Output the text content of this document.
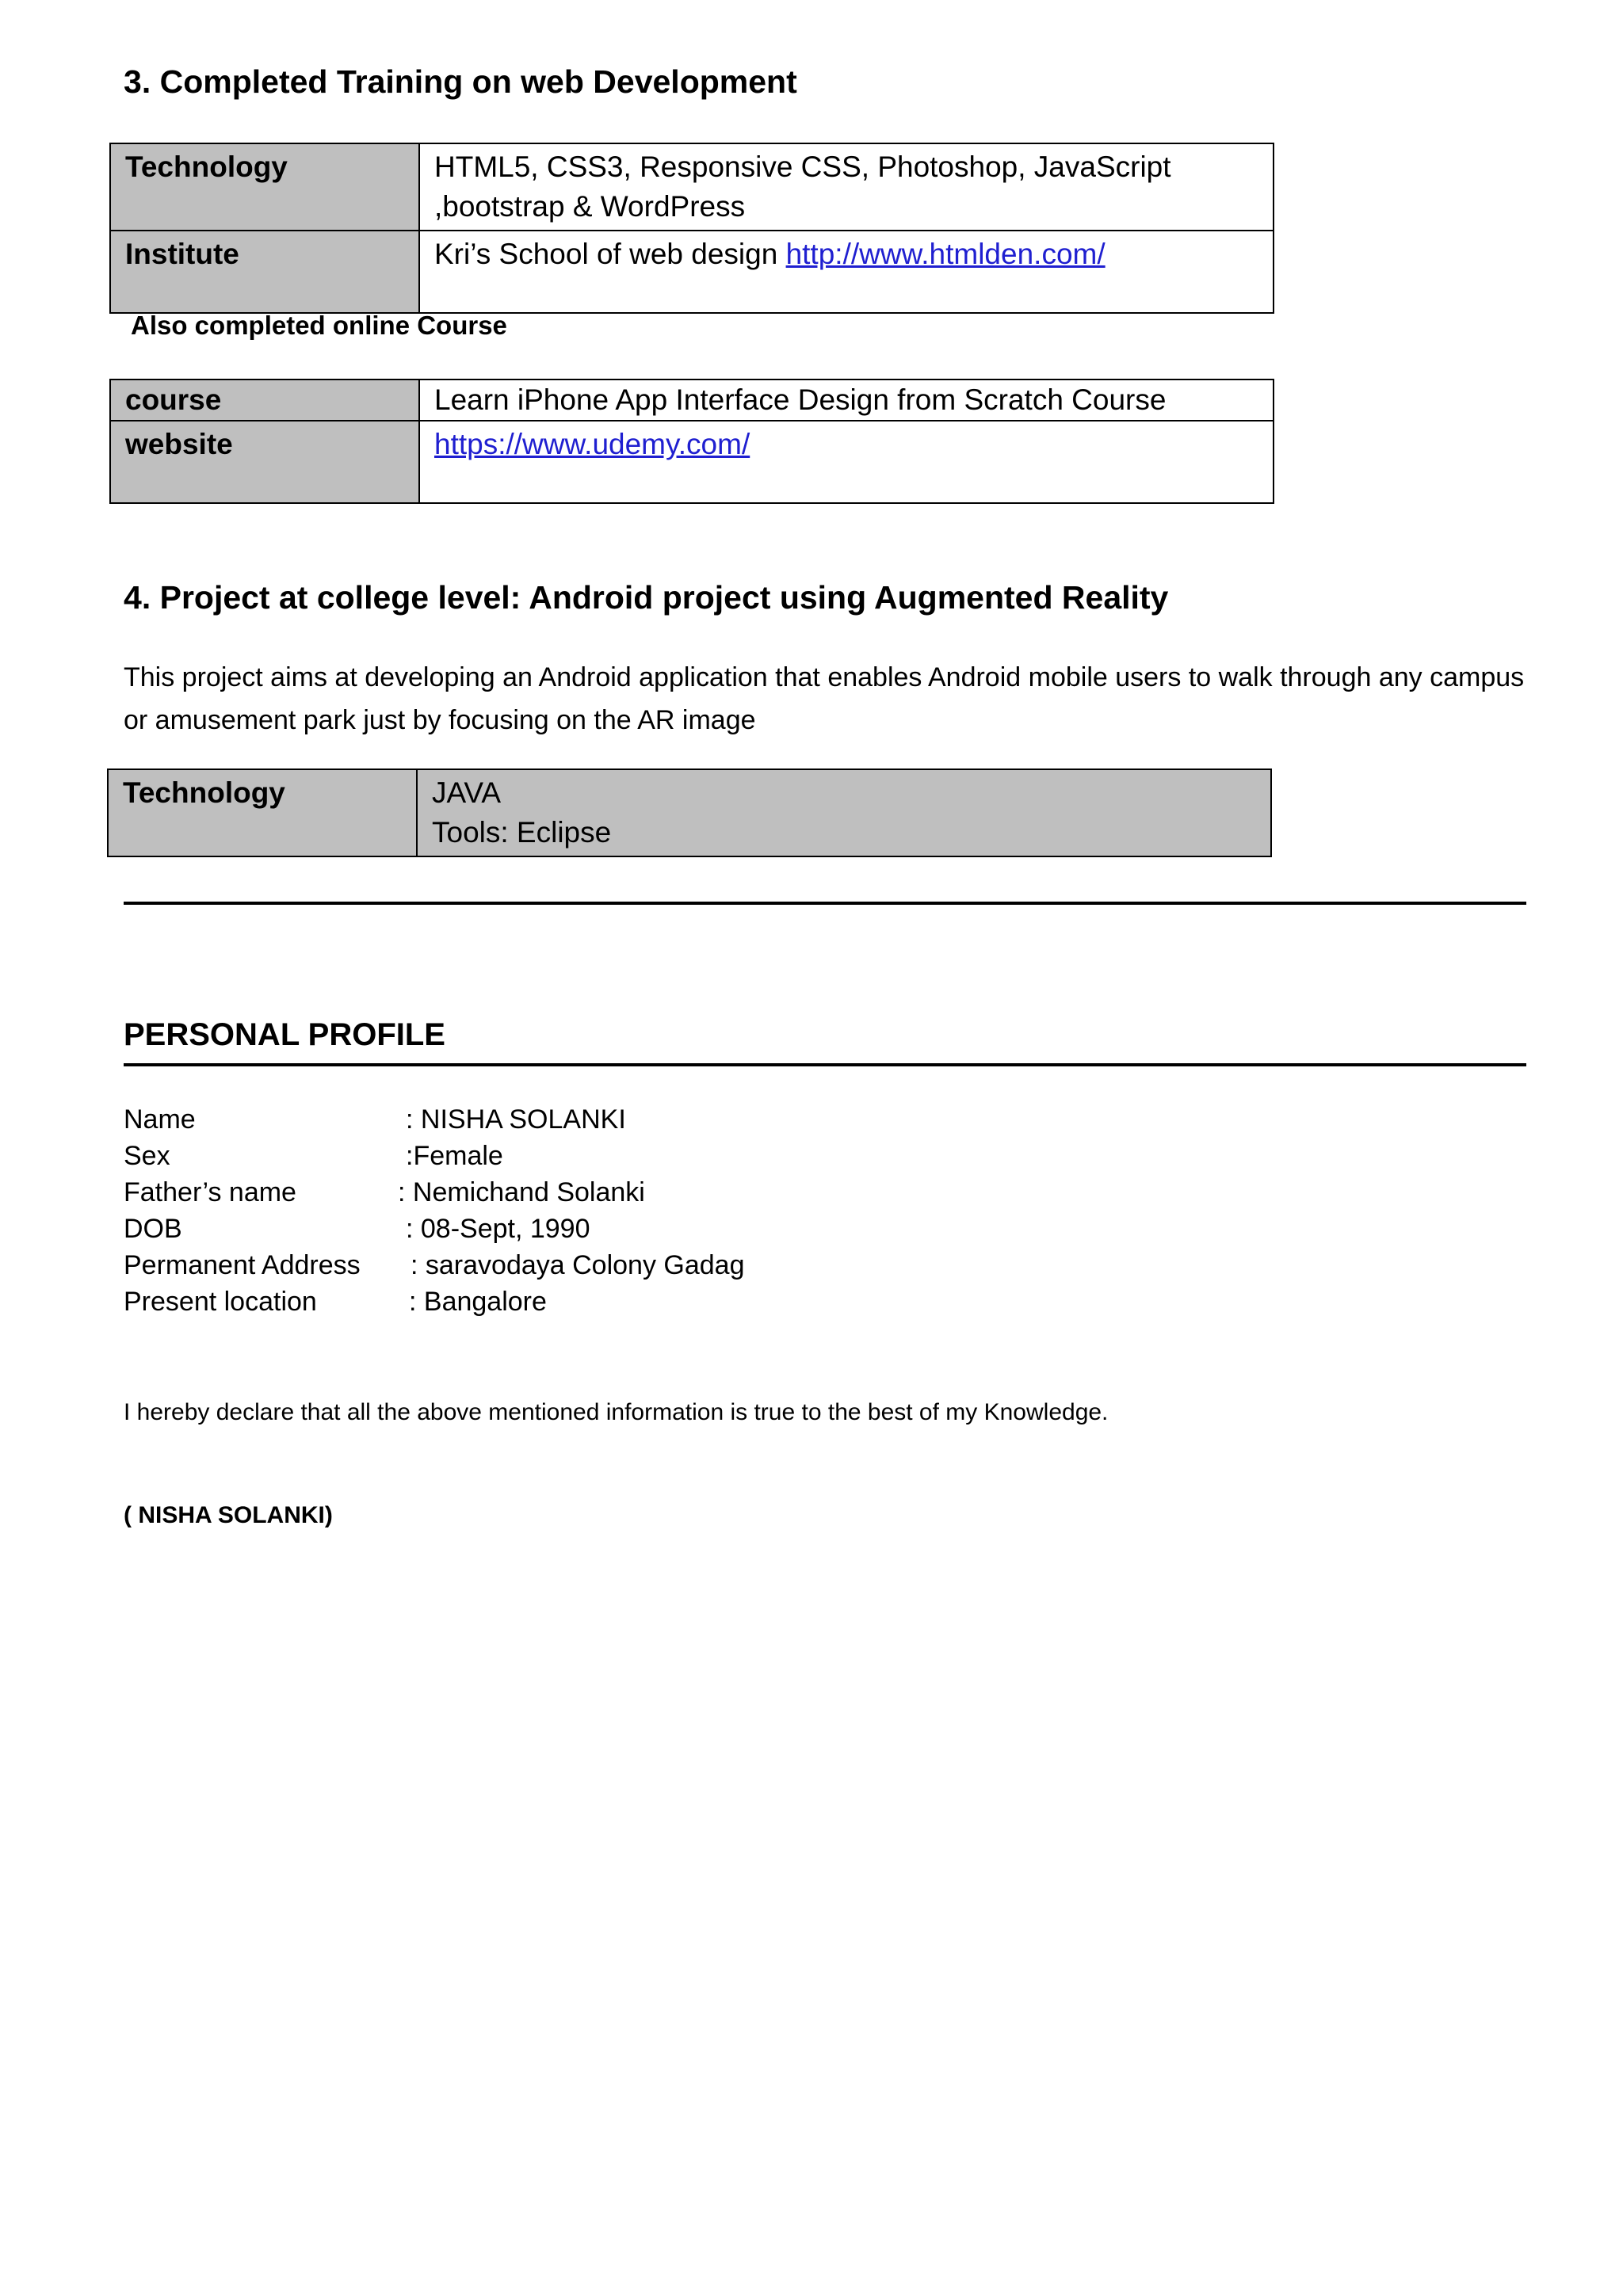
3. Completed Training on web Development
Technology	HTML5, CSS3, Responsive CSS, Photoshop, JavaScript ,bootstrap & WordPress
Institute	Kri’s School of web design http://www.htmlden.com/
Also completed online Course
course	Learn iPhone App Interface Design from Scratch Course
website	https://www.udemy.com/
4. Project at college level: Android project using Augmented Reality
This project aims at developing an Android application that enables Android mobile users to walk through any campus or amusement park just by focusing on the AR image
Technology	JAVA
Tools: Eclipse
PERSONAL PROFILE
Name	: NISHA SOLANKI
Sex	:Female
Father’s name	: Nemichand Solanki
DOB	: 08-Sept, 1990
Permanent Address : saravodaya Colony Gadag
Present location	: Bangalore
I hereby declare that all the above mentioned information is true to the best of my Knowledge.
( NISHA SOLANKI)
